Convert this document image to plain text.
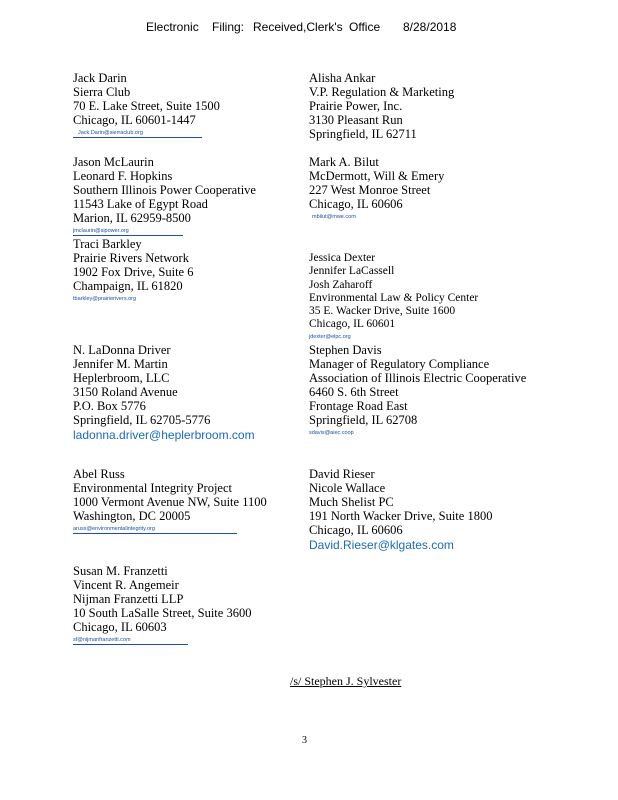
Electronic Filing: Received,Clerk's Office 8/28/2018
Jack Darin
Sierra Club
70 E. Lake Street, Suite 1500
Chicago, IL 60601-1447
Jack.Darin@sierraclub.org
Alisha Ankar
V.P. Regulation & Marketing
Prairie Power, Inc.
3130 Pleasant Run
Springfield, IL 62711
Jason McLaurin
Leonard F. Hopkins
Southern Illinois Power Cooperative
11543 Lake of Egypt Road
Marion, IL 62959-8500
jmclaurin@sipower.org
Mark A. Bilut
McDermott, Will & Emery
227 West Monroe Street
Chicago, IL 60606
mbilut@mwe.com
Traci Barkley
Prairie Rivers Network
1902 Fox Drive, Suite 6
Champaign, IL 61820
tbarkley@prairierivers.org
Jessica Dexter
Jennifer LaCassell
Josh Zaharoff
Environmental Law & Policy Center
35 E. Wacker Drive, Suite 1600
Chicago, IL 60601
jdexter@elpc.org
N. LaDonna Driver
Jennifer M. Martin
Heplerbroom, LLC
3150 Roland Avenue
P.O. Box 5776
Springfield, IL 62705-5776
ladonna.driver@heplerbroom.com
Stephen Davis
Manager of Regulatory Compliance
Association of Illinois Electric Cooperative
6460 S. 6th Street
Frontage Road East
Springfield, IL 62708
sdavis@aiec.coop
Abel Russ
Environmental Integrity Project
1000 Vermont Avenue NW, Suite 1100
Washington, DC 20005
aruss@environmentalintegrity.org
David Rieser
Nicole Wallace
Much Shelist PC
191 North Wacker Drive, Suite 1800
Chicago, IL 60606
David.Rieser@klgates.com
Susan M. Franzetti
Vincent R. Angemeir
Nijman Franzetti LLP
10 South LaSalle Street, Suite 3600
Chicago, IL 60603
sf@nijmanfranzetti.com
/s/ Stephen J. Sylvester
3
